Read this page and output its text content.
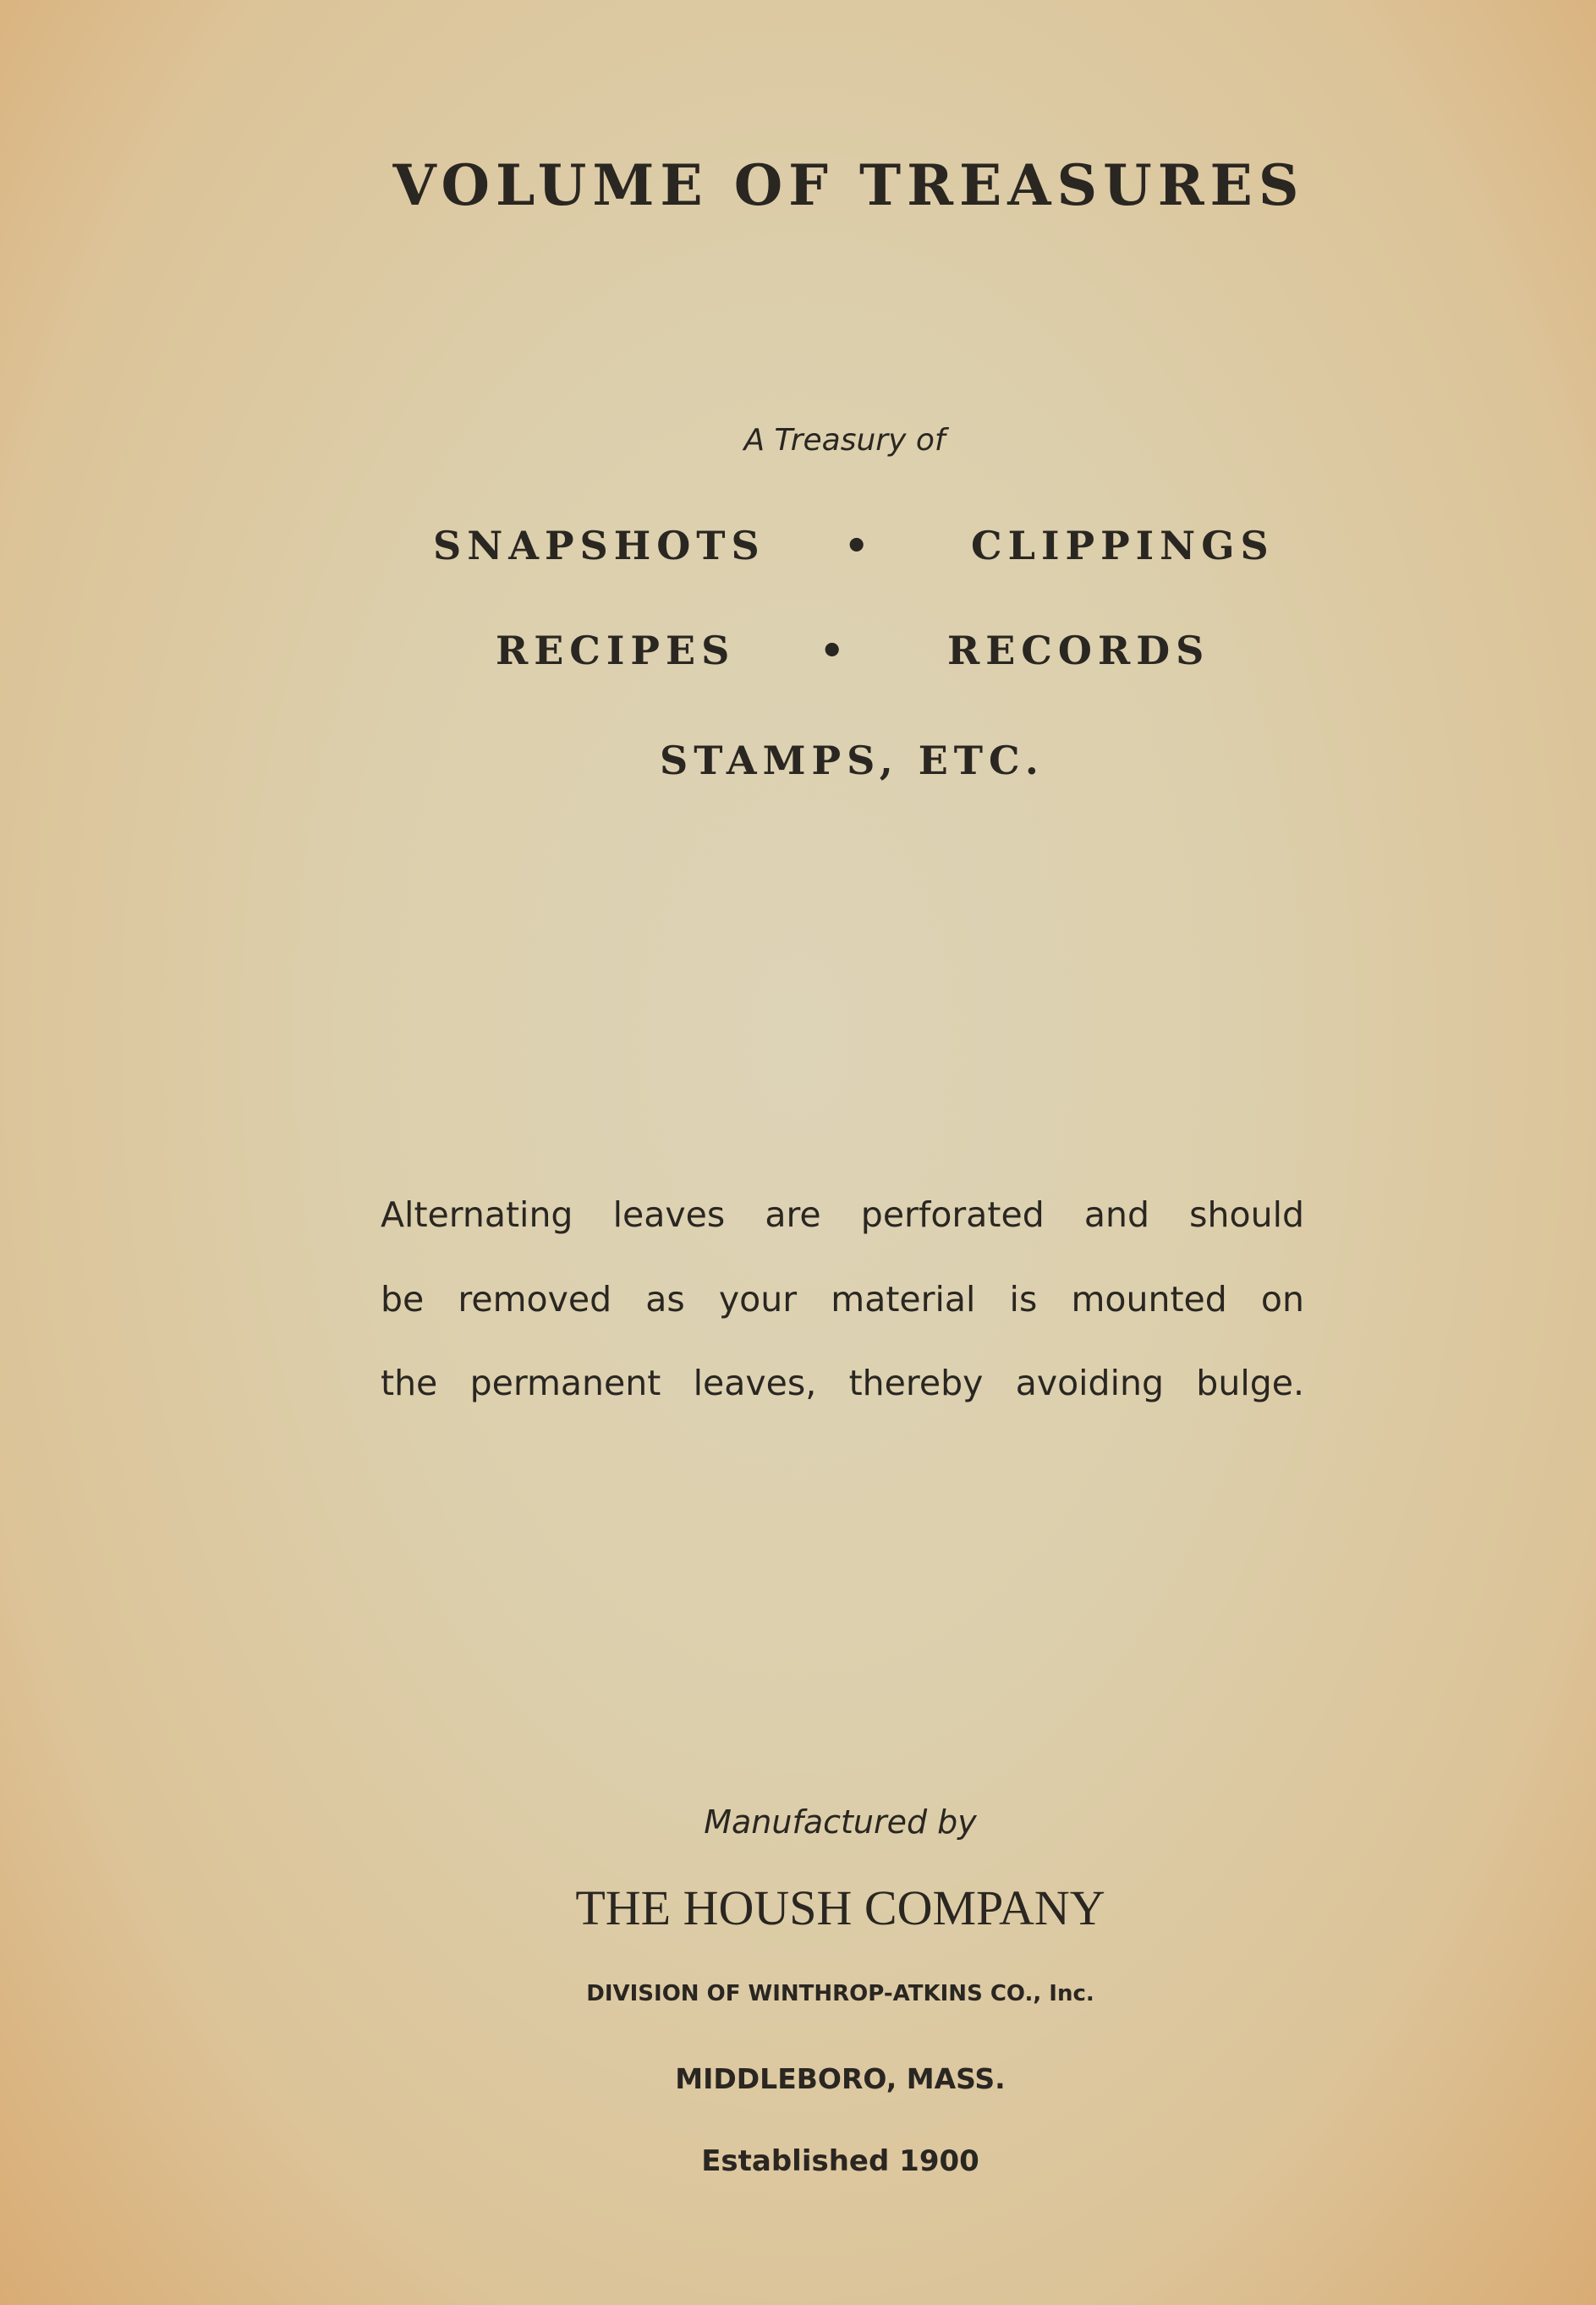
VOLUME OF TREASURES
A Treasury of
SNAPSHOTS • CLIPPINGS
RECIPES • RECORDS
STAMPS, ETC.
Alternating leaves are perforated and should
be removed as your material is mounted on
the permanent leaves, thereby avoiding bulge.
Manufactured by
THE HOUSH COMPANY
DIVISION OF WINTHROP-ATKINS CO., Inc.
MIDDLEBORO, MASS.
Established 1900
